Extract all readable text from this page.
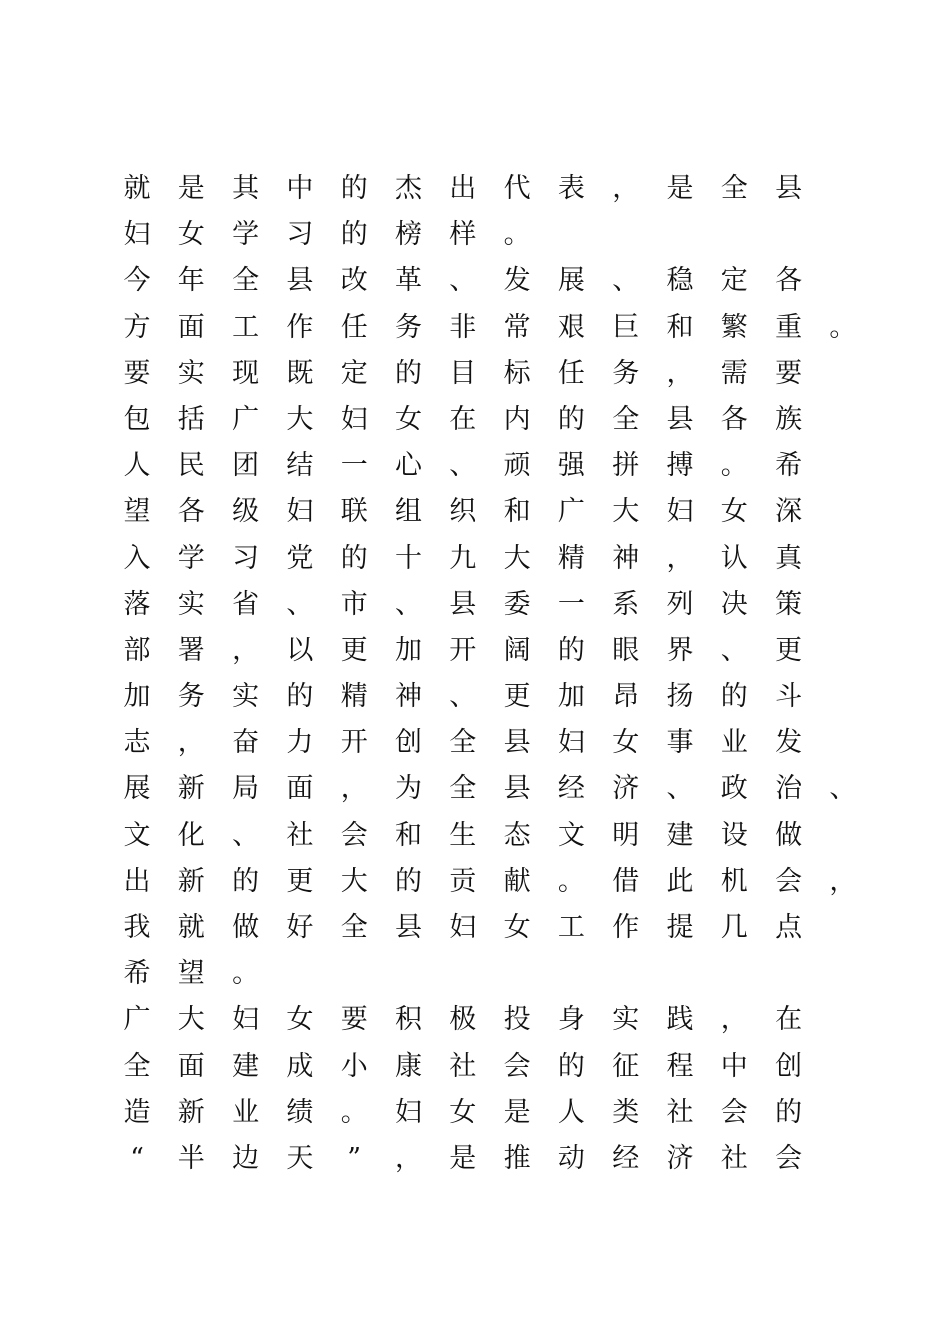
就	是	其	中	的	杰	出	代	表	，	是	全	县
妇	女	学	习	的	榜	样	。
今	年	全	县	改	革	、	发	展	、	稳	定	各
方	面	工	作	任	务	非	常	艰	巨	和	繁	重	。
要	实	现	既	定	的	目	标	任	务	，	需	要
包	括	广	大	妇	女	在	内	的	全	县	各	族
人	民	团	结	一	心	、	顽	强	拼	搏	。	希
望	各	级	妇	联	组	织	和	广	大	妇	女	深
入	学	习	党	的	十	九	大	精	神	，	认	真
落	实	省	、	市	、	县	委	一	系	列	决	策
部	署	，	以	更	加	开	阔	的	眼	界	、	更
加	务	实	的	精	神	、	更	加	昂	扬	的	斗
志	，	奋	力	开	创	全	县	妇	女	事	业	发
展	新	局	面	，	为	全	县	经	济	、	政	治	、
文	化	、	社	会	和	生	态	文	明	建	设	做
出	新	的	更	大	的	贡	献	。	借	此	机	会	，
我	就	做	好	全	县	妇	女	工	作	提	几	点
希	望	。
广	大	妇	女	要	积	极	投	身	实	践	，	在
全	面	建	成	小	康	社	会	的	征	程	中	创
造	新	业	绩	。	妇	女	是	人	类	社	会	的
“	半	边	天	”	，	是	推	动	经	济	社	会
